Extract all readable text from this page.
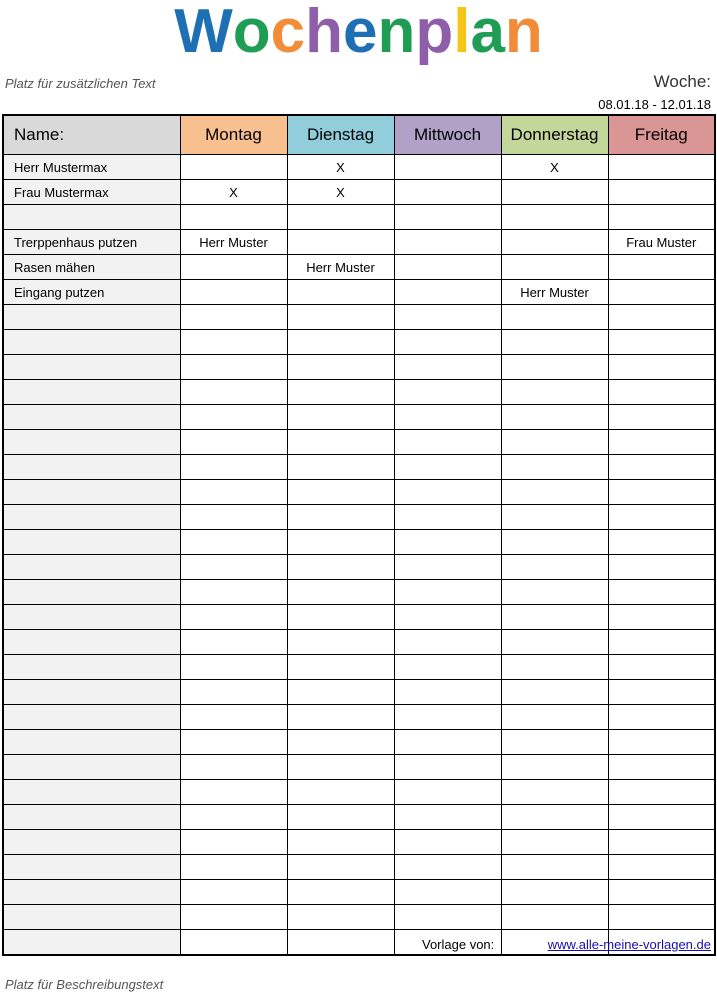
Wochenplan
Platz für zusätzlichen Text	Woche:
08.01.18 - 12.01.18
Name:	Montag	Dienstag	Mittwoch	Donnerstag	Freitag
Herr Mustermax		X		X	
Frau Mustermax	X	X			

Trerppenhaus putzen	Herr Muster				Frau Muster
Rasen mähen		Herr Muster			
Eingang putzen				Herr Muster	

Vorlage von:	www.alle-meine-vorlagen.de
Platz für Beschreibungstext
